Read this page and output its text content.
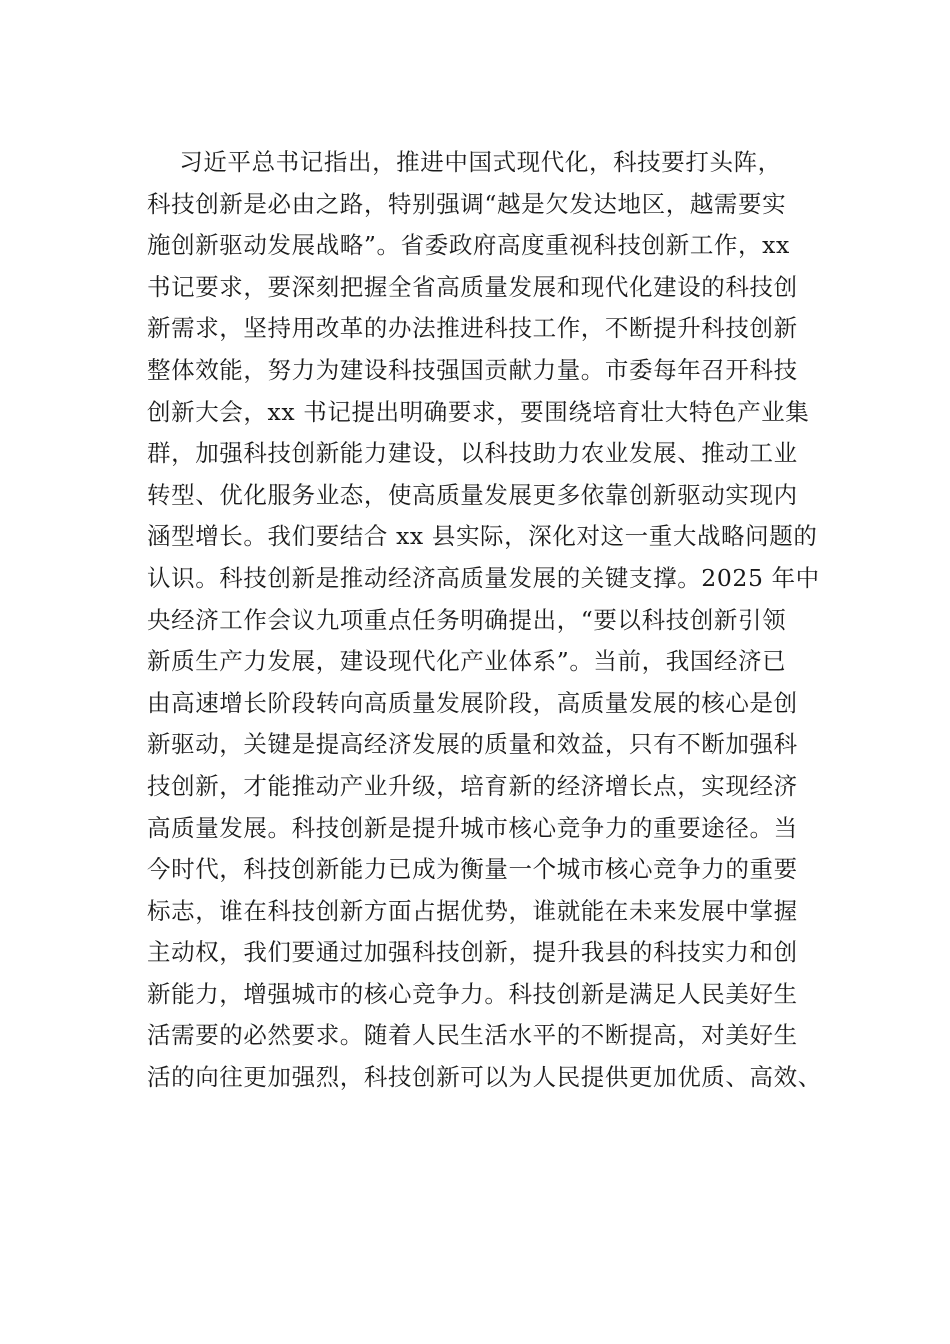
习近平总书记指出，推进中国式现代化，科技要打头阵，
科技创新是必由之路，特别强调“越是欠发达地区，越需要实
施创新驱动发展战略”。省委政府高度重视科技创新工作，xx
书记要求，要深刻把握全省高质量发展和现代化建设的科技创
新需求，坚持用改革的办法推进科技工作，不断提升科技创新
整体效能，努力为建设科技强国贡献力量。市委每年召开科技
创新大会，xx 书记提出明确要求，要围绕培育壮大特色产业集
群，加强科技创新能力建设，以科技助力农业发展、推动工业
转型、优化服务业态，使高质量发展更多依靠创新驱动实现内
涵型增长。我们要结合 xx 县实际，深化对这一重大战略问题的
认识。科技创新是推动经济高质量发展的关键支撑。2025 年中
央经济工作会议九项重点任务明确提出，“要以科技创新引领
新质生产力发展，建设现代化产业体系”。当前，我国经济已
由高速增长阶段转向高质量发展阶段，高质量发展的核心是创
新驱动，关键是提高经济发展的质量和效益，只有不断加强科
技创新，才能推动产业升级，培育新的经济增长点，实现经济
高质量发展。科技创新是提升城市核心竞争力的重要途径。当
今时代，科技创新能力已成为衡量一个城市核心竞争力的重要
标志，谁在科技创新方面占据优势，谁就能在未来发展中掌握
主动权，我们要通过加强科技创新，提升我县的科技实力和创
新能力，增强城市的核心竞争力。科技创新是满足人民美好生
活需要的必然要求。随着人民生活水平的不断提高，对美好生
活的向往更加强烈，科技创新可以为人民提供更加优质、高效、
